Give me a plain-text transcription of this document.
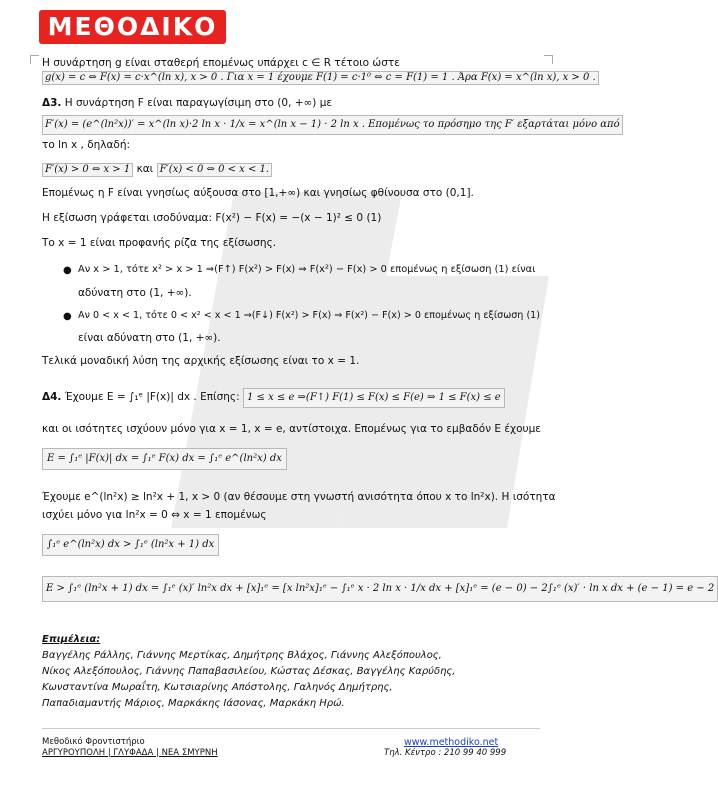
ΜΕΘΟΔΙΚΟ
Η συνάρτηση g είναι σταθερή επομένως υπάρχει c ∈ R τέτοιο ώστε
g(x) = c ⇔ F(x) = c·x^(ln x), x > 0 . Για x = 1 έχουμε F(1) = c·1⁰ ⇔ c = F(1) = 1 . Άρα F(x) = x^(ln x), x > 0 .
Δ3. Η συνάρτηση F είναι παραγωγίσιμη στο (0, +∞) με
F′(x) = (e^(ln²x))′ = x^(ln x)·2 ln x · 1/x = x^(ln x − 1) · 2 ln x . Επομένως το πρόσημο της F′ εξαρτάται μόνο από
το ln x , δηλαδή:
F′(x) > 0 ⇔ x > 1 και F′(x) < 0 ⇔ 0 < x < 1.
Επομένως η F είναι γνησίως αύξουσα στο [1,+∞) και γνησίως φθίνουσα στο (0,1].
Η εξίσωση γράφεται ισοδύναμα: F(x²) − F(x) = −(x − 1)² ≤ 0 (1)
Το x = 1 είναι προφανής ρίζα της εξίσωσης.
● Αν x > 1, τότε x² > x > 1 ⇒(F↑) F(x²) > F(x) ⇒ F(x²) − F(x) > 0 επομένως η εξίσωση (1) είναι
αδύνατη στο (1, +∞).
● Αν 0 < x < 1, τότε 0 < x² < x < 1 ⇒(F↓) F(x²) > F(x) ⇒ F(x²) − F(x) > 0 επομένως η εξίσωση (1)
είναι αδύνατη στο (1, +∞).
Τελικά μοναδική λύση της αρχικής εξίσωσης είναι το x = 1.
Δ4. Έχουμε E = ∫₁ᵉ |F(x)| dx . Επίσης: 1 ≤ x ≤ e ⇒(F↑) F(1) ≤ F(x) ≤ F(e) ⇒ 1 ≤ F(x) ≤ e
και οι ισότητες ισχύουν μόνο για x = 1, x = e, αντίστοιχα. Επομένως για το εμβαδόν E έχουμε
E = ∫₁ᵉ |F(x)| dx = ∫₁ᵉ F(x) dx = ∫₁ᵉ e^(ln²x) dx
Έχουμε e^(ln²x) ≥ ln²x + 1, x > 0 (αν θέσουμε στη γνωστή ανισότητα όπου x το ln²x). Η ισότητα
ισχύει μόνο για ln²x = 0 ⇔ x = 1 επομένως
∫₁ᵉ e^(ln²x) dx > ∫₁ᵉ (ln²x + 1) dx
E > ∫₁ᵉ (ln²x + 1) dx = ∫₁ᵉ (x)′ ln²x dx + [x]₁ᵉ = [x ln²x]₁ᵉ − ∫₁ᵉ x · 2 ln x · 1/x dx + [x]₁ᵉ = (e − 0) − 2∫₁ᵉ (x)′ · ln x dx + (e − 1) = e − 2
Επιμέλεια:
Βαγγέλης Ράλλης, Γιάννης Μερτίκας, Δημήτρης Βλάχος, Γιάννης Αλεξόπουλος,
Νίκος Αλεξόπουλος, Γιάννης Παπαβασιλείου, Κώστας Δέσκας, Βαγγέλης Καρύδης,
Κωνσταντίνα Μωραΐτη, Κωτσιαρίνης Απόστολης, Γαληνός Δημήτρης,
Παπαδιαμαντής Μάριος, Μαρκάκης Ιάσονας, Μαρκάκη Ηρώ.
Μεθοδικό Φροντιστήριο
ΑΡΓΥΡΟΥΠΟΛΗ | ΓΛΥΦΑΔΑ | ΝΕΑ ΣΜΥΡΝΗ
www.methodiko.net
Τηλ. Κέντρο : 210 99 40 999
